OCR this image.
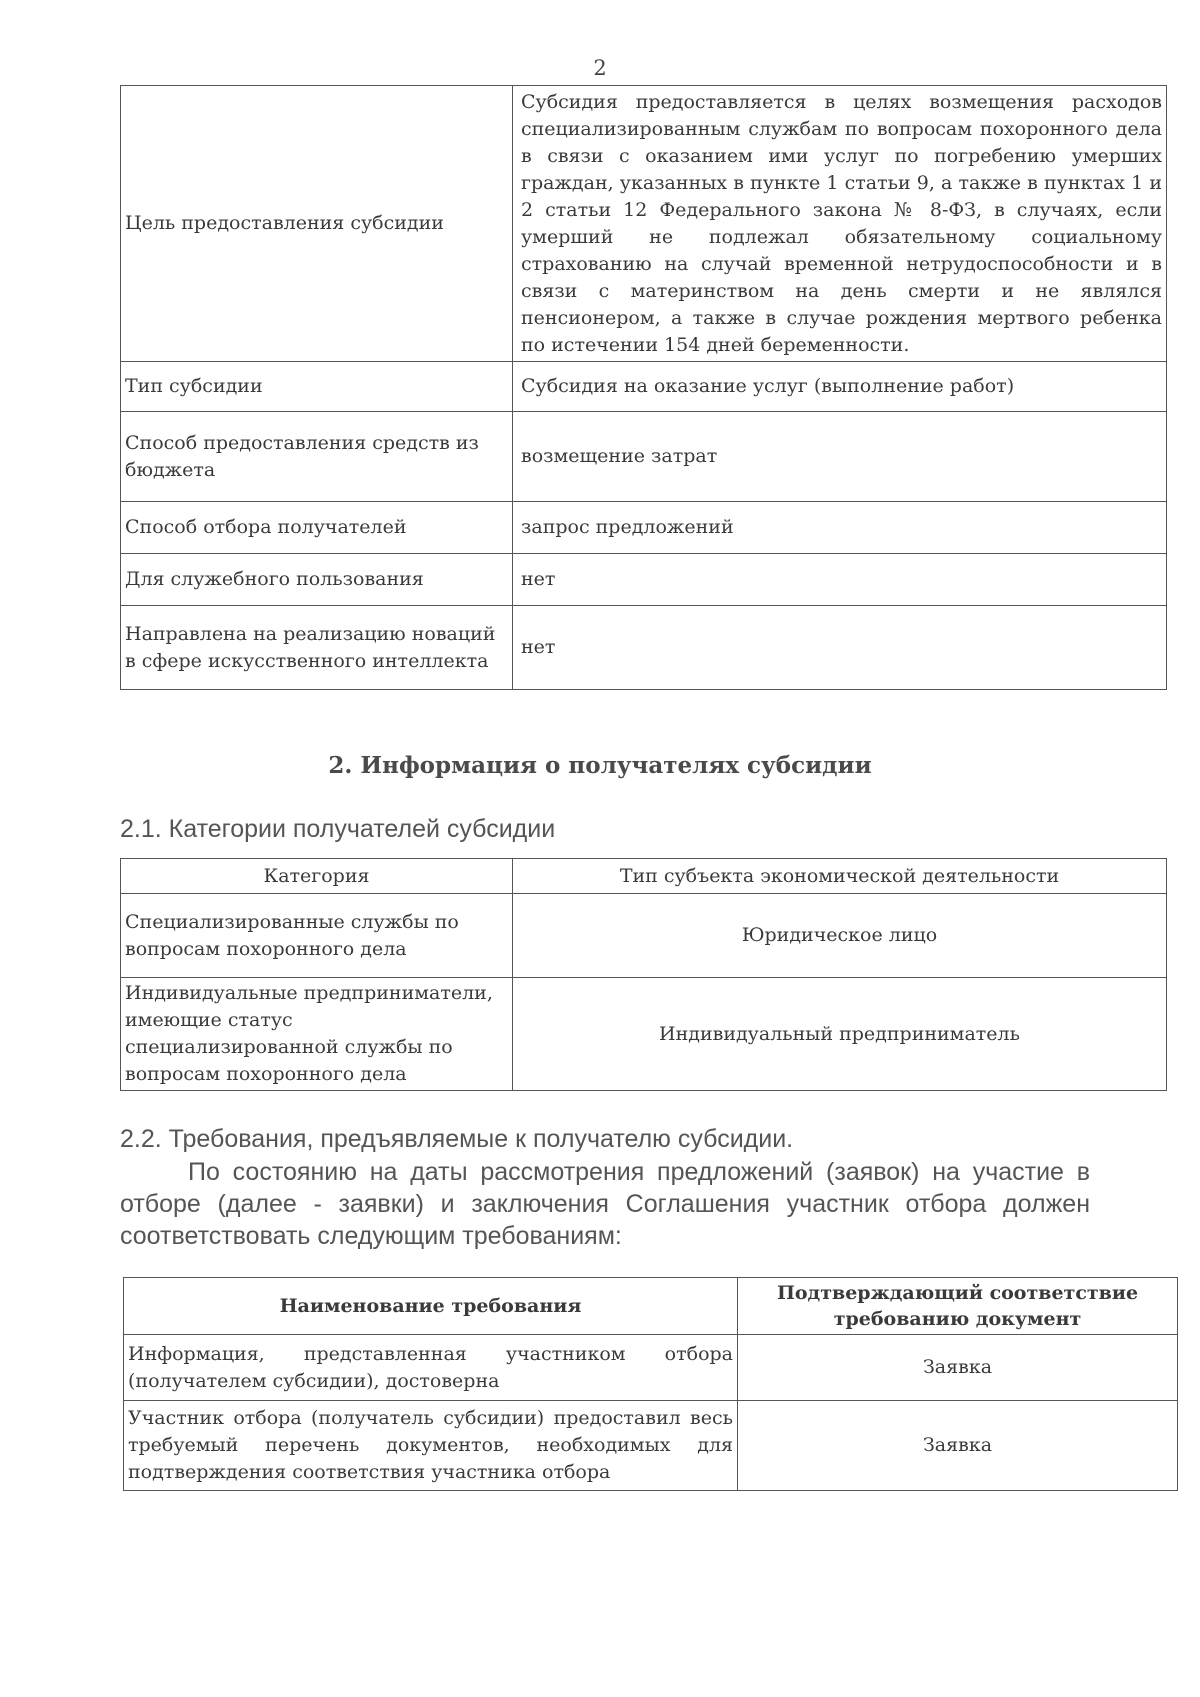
2
Цель предоставления субсидии	Субсидия предоставляется в целях возмещения расходов специализированным службам по вопросам похоронного дела в связи с оказанием ими услуг по погребению умерших граждан, указанных в пункте 1 статьи 9, а также в пунктах 1 и 2 статьи 12 Федерального закона № 8-ФЗ, в случаях, если умерший не подлежал обязательному социальному страхованию на случай временной нетрудоспособности и в связи с материнством на день смерти и не являлся пенсионером, а также в случае рождения мертвого ребенка по истечении 154 дней беременности.
Тип субсидии	Субсидия на оказание услуг (выполнение работ)
Способ предоставления средств из бюджета	возмещение затрат
Способ отбора получателей	запрос предложений
Для служебного пользования	нет
Направлена на реализацию новаций в сфере искусственного интеллекта	нет
2. Информация о получателях субсидии
2.1. Категории получателей субсидии
Категория	Тип субъекта экономической деятельности
Специализированные службы по вопросам похоронного дела	Юридическое лицо
Индивидуальные предприниматели, имеющие статус специализированной службы по вопросам похоронного дела	Индивидуальный предприниматель
2.2. Требования, предъявляемые к получателю субсидии.
По состоянию на даты рассмотрения предложений (заявок) на участие в отборе (далее - заявки) и заключения Соглашения участник отбора должен соответствовать следующим требованиям:
Наименование требования	Подтверждающий соответствие требованию документ
Информация, представленная участником отбора (получателем субсидии), достоверна	Заявка
Участник отбора (получатель субсидии) предоставил весь требуемый перечень документов, необходимых для подтверждения соответствия участника отбора	Заявка
